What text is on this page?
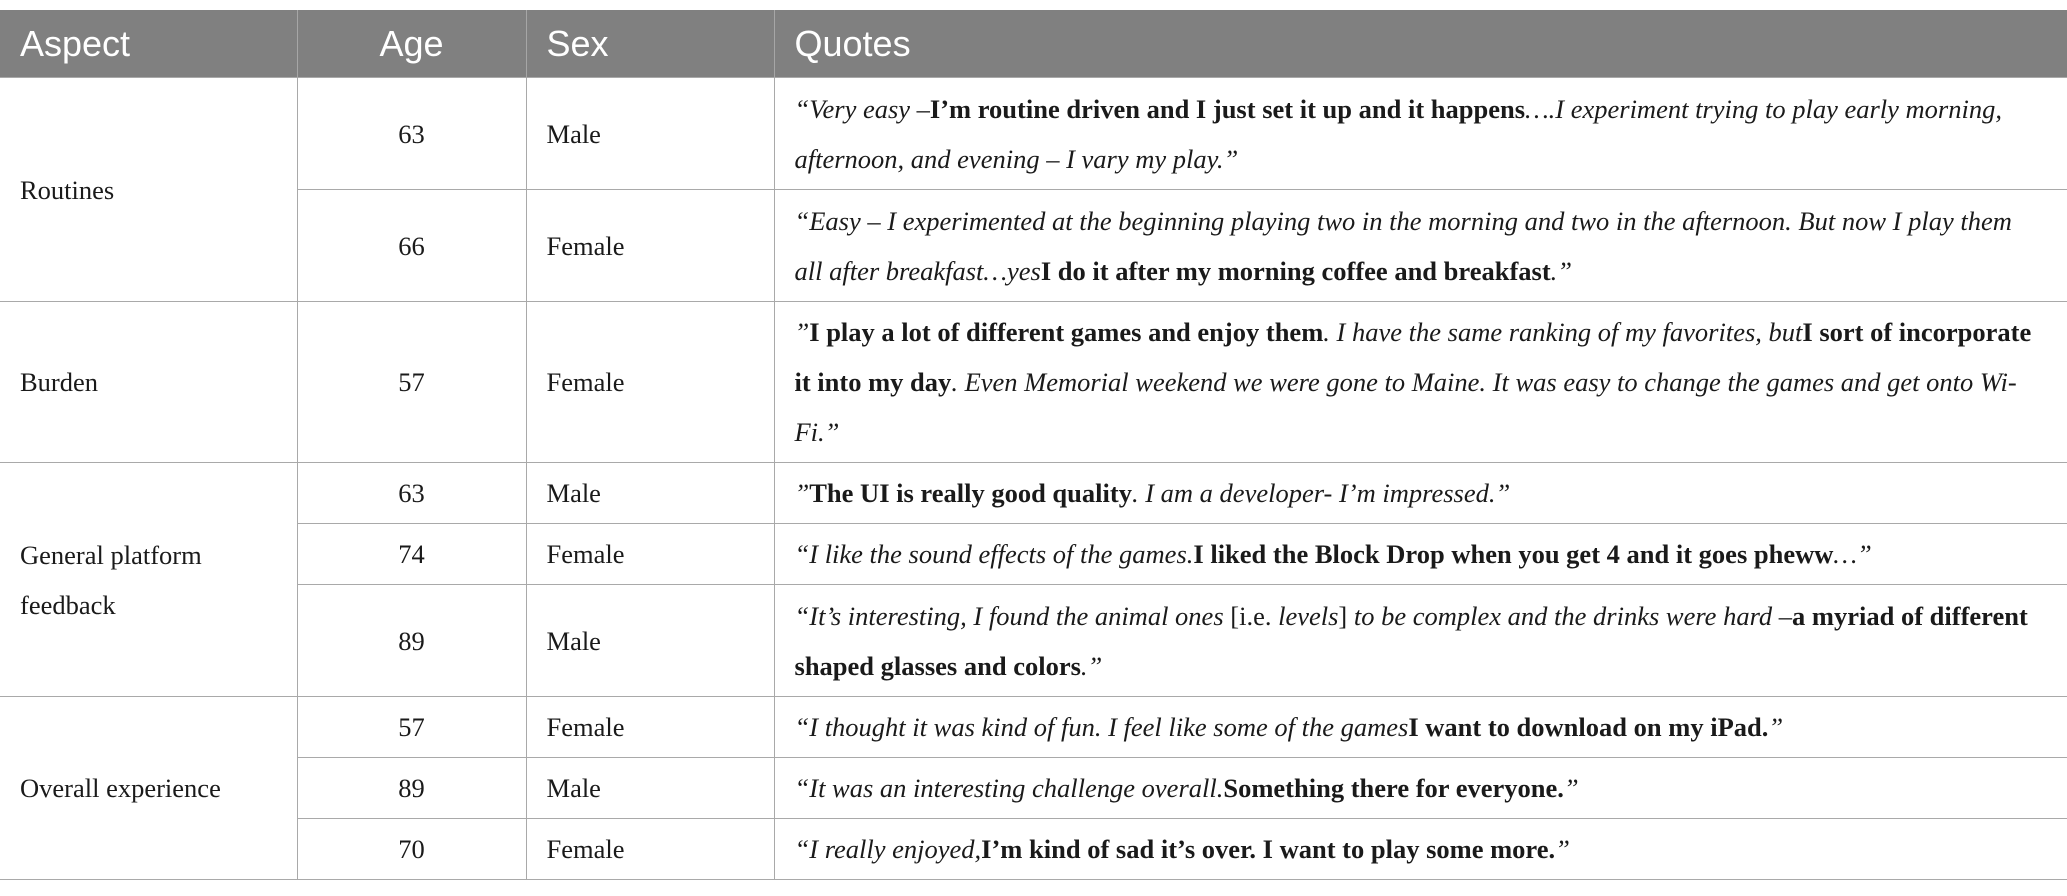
Aspect	Age	Sex	Quotes
Routines	63	Male	“Very easy –I’m routine driven and I just set it up and it happens….I experiment trying to play early morning, afternoon, and evening – I vary my play.”
	66	Female	“Easy – I experimented at the beginning playing two in the morning and two in the afternoon. But now I play them all after breakfast…yesI do it after my morning coffee and breakfast.”
Burden	57	Female	”I play a lot of different games and enjoy them. I have the same ranking of my favorites, butI sort of incorporate it into my day. Even Memorial weekend we were gone to Maine. It was easy to change the games and get onto Wi-Fi.”
General platform feedback	63	Male	”The UI is really good quality. I am a developer- I’m impressed.”
	74	Female	“I like the sound effects of the games.I liked the Block Drop when you get 4 and it goes pheww…”
	89	Male	“It’s interesting, I found the animal ones [i.e. levels] to be complex and the drinks were hard –a myriad of different shaped glasses and colors.”
Overall experience	57	Female	“I thought it was kind of fun. I feel like some of the gamesI want to download on my iPad.”
	89	Male	“It was an interesting challenge overall.Something there for everyone.”
	70	Female	“I really enjoyed,I’m kind of sad it’s over. I want to play some more.”
